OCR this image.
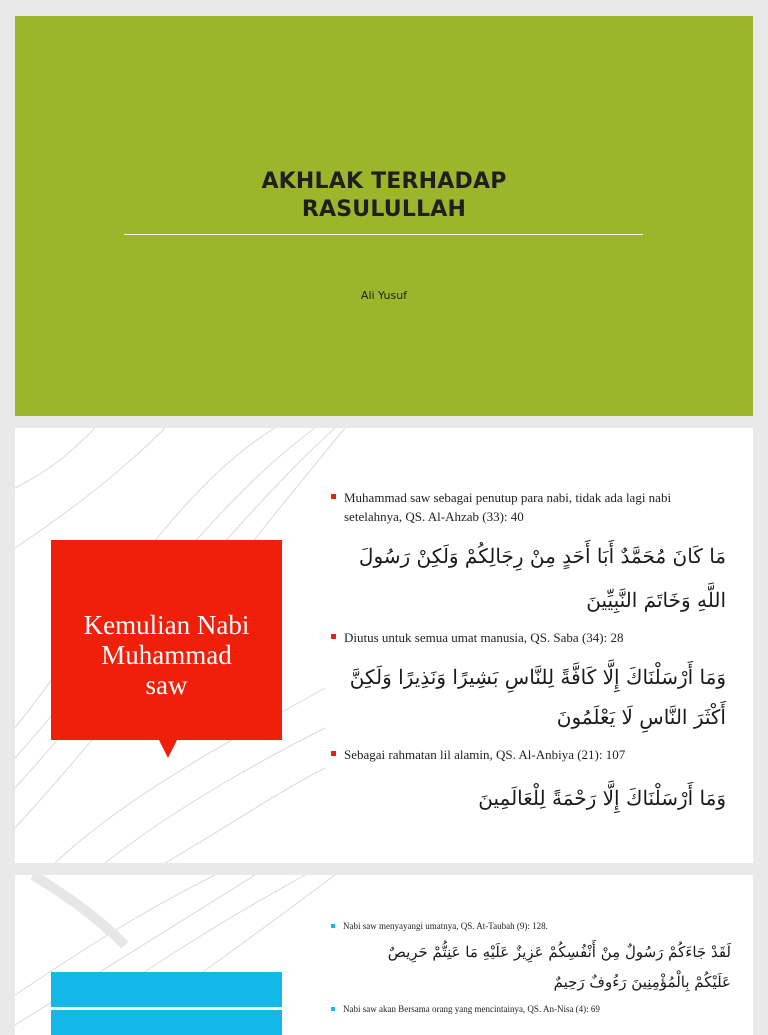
AKHLAK TERHADAP
RASULULLAH
Ali Yusuf
Kemulian Nabi
Muhammad
saw
Muhammad saw sebagai penutup para nabi, tidak ada lagi nabi setelahnya, QS. Al-Ahzab (33): 40
مَا كَانَ مُحَمَّدٌ أَبَا أَحَدٍ مِنْ رِجَالِكُمْ وَلَكِنْ رَسُولَ
اللَّهِ وَخَاتَمَ النَّبِيِّينَ
Diutus untuk semua umat manusia, QS. Saba (34): 28
وَمَا أَرْسَلْنَاكَ إِلَّا كَافَّةً لِلنَّاسِ بَشِيرًا وَنَذِيرًا وَلَكِنَّ
أَكْثَرَ النَّاسِ لَا يَعْلَمُونَ
Sebagai rahmatan lil alamin, QS. Al-Anbiya (21): 107
وَمَا أَرْسَلْنَاكَ إِلَّا رَحْمَةً لِلْعَالَمِينَ
Nabi saw menyayangi umatnya, QS. At-Taubah (9): 128.
لَقَدْ جَاءَكُمْ رَسُولٌ مِنْ أَنْفُسِكُمْ عَزِيزٌ عَلَيْهِ مَا عَنِتُّمْ حَرِيصٌ
عَلَيْكُمْ بِالْمُؤْمِنِينَ رَءُوفٌ رَحِيمٌ
Nabi saw akan Bersama orang yang mencintainya, QS. An-Nisa (4): 69
